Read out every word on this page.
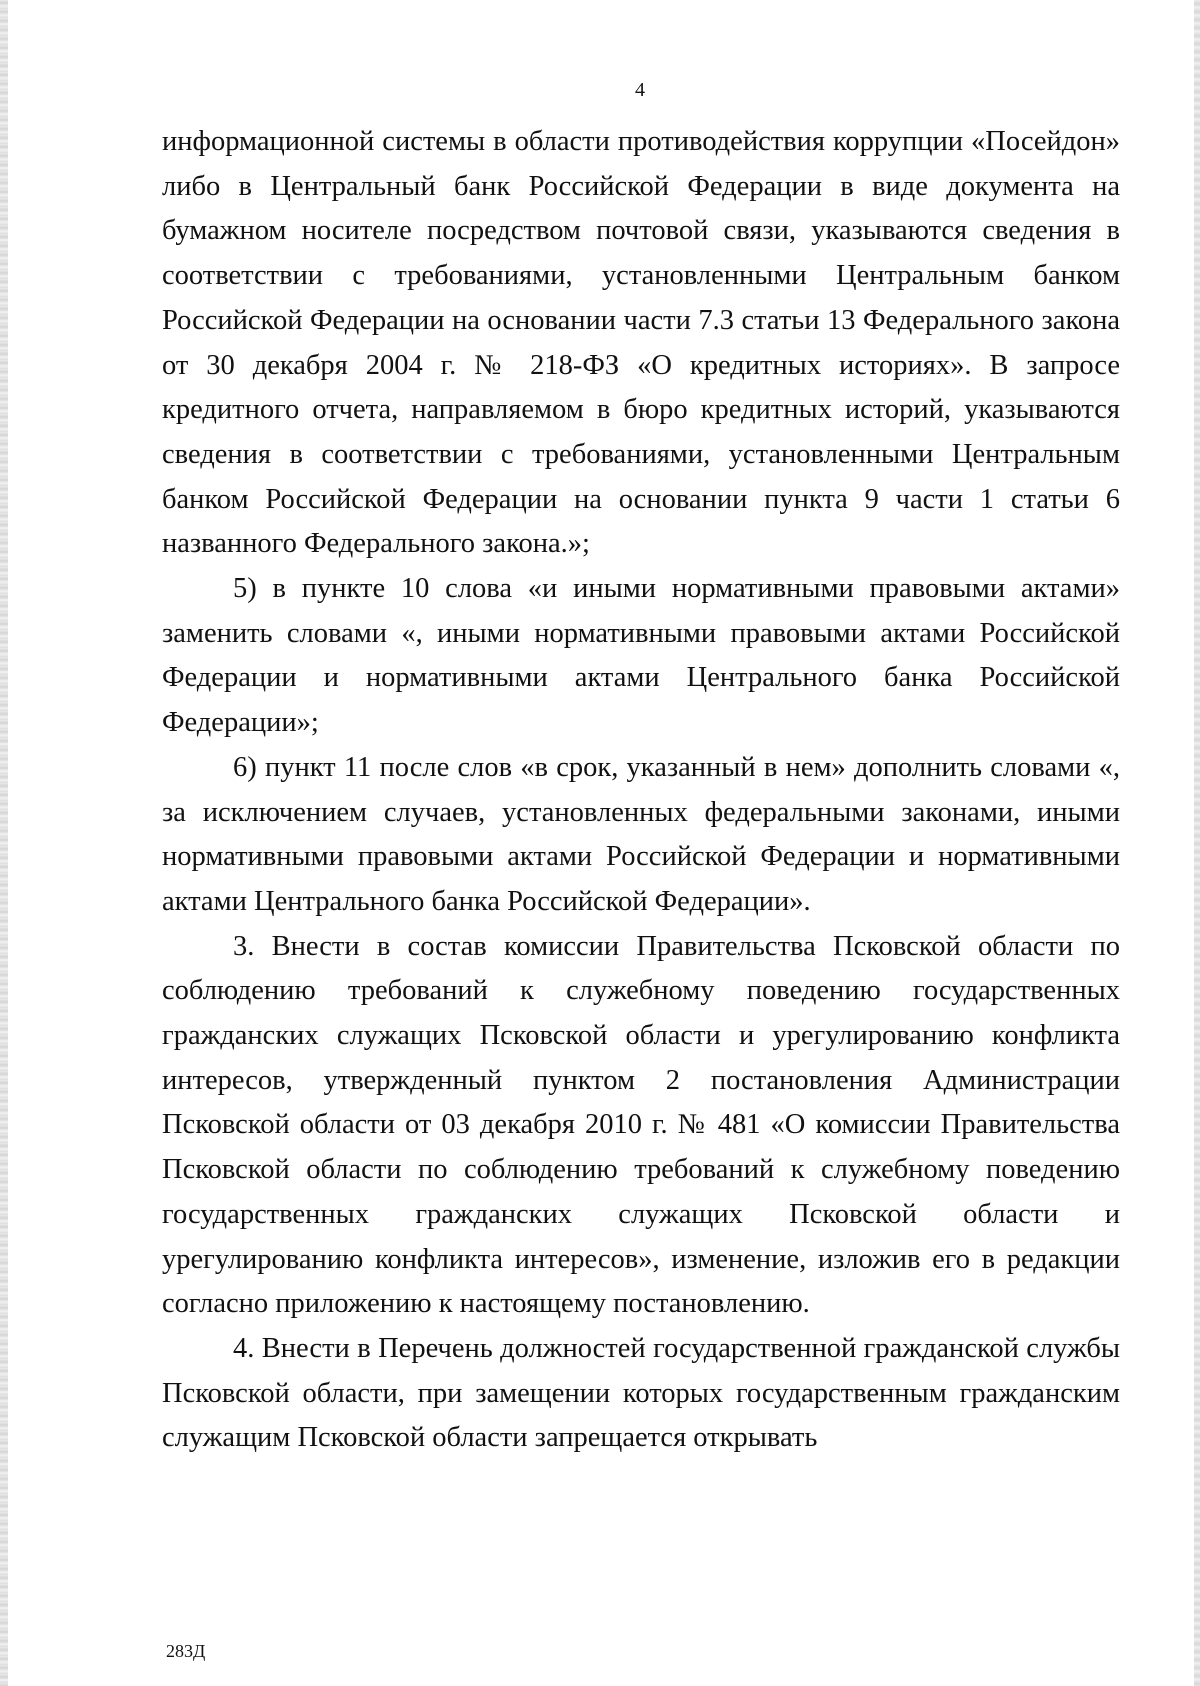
4

информационной системы в области противодействия коррупции «Посейдон» либо в Центральный банк Российской Федерации в виде документа на бумажном носителе посредством почтовой связи, указываются сведения в соответствии с требованиями, установленными Центральным банком Российской Федерации на основании части 7.3 статьи 13 Федерального закона от 30 декабря 2004 г. № 218-ФЗ «О кредитных историях». В запросе кредитного отчета, направляемом в бюро кредитных историй, указываются сведения в соответствии с требованиями, установленными Центральным банком Российской Федерации на основании пункта 9 части 1 статьи 6 названного Федерального закона.»;

5) в пункте 10 слова «и иными нормативными правовыми актами» заменить словами «, иными нормативными правовыми актами Российской Федерации и нормативными актами Центрального банка Российской Федерации»;

6) пункт 11 после слов «в срок, указанный в нем» дополнить словами «, за исключением случаев, установленных федеральными законами, иными нормативными правовыми актами Российской Федерации и нормативными актами Центрального банка Российской Федерации».

3. Внести в состав комиссии Правительства Псковской области по соблюдению требований к служебному поведению государственных гражданских служащих Псковской области и урегулированию конфликта интересов, утвержденный пунктом 2 постановления Администрации Псковской области от 03 декабря 2010 г. № 481 «О комиссии Правительства Псковской области по соблюдению требований к служебному поведению государственных гражданских служащих Псковской области и урегулированию конфликта интересов», изменение, изложив его в редакции согласно приложению к настоящему постановлению.

4. Внести в Перечень должностей государственной гражданской службы Псковской области, при замещении которых государственным гражданским служащим Псковской области запрещается открывать

283Д
